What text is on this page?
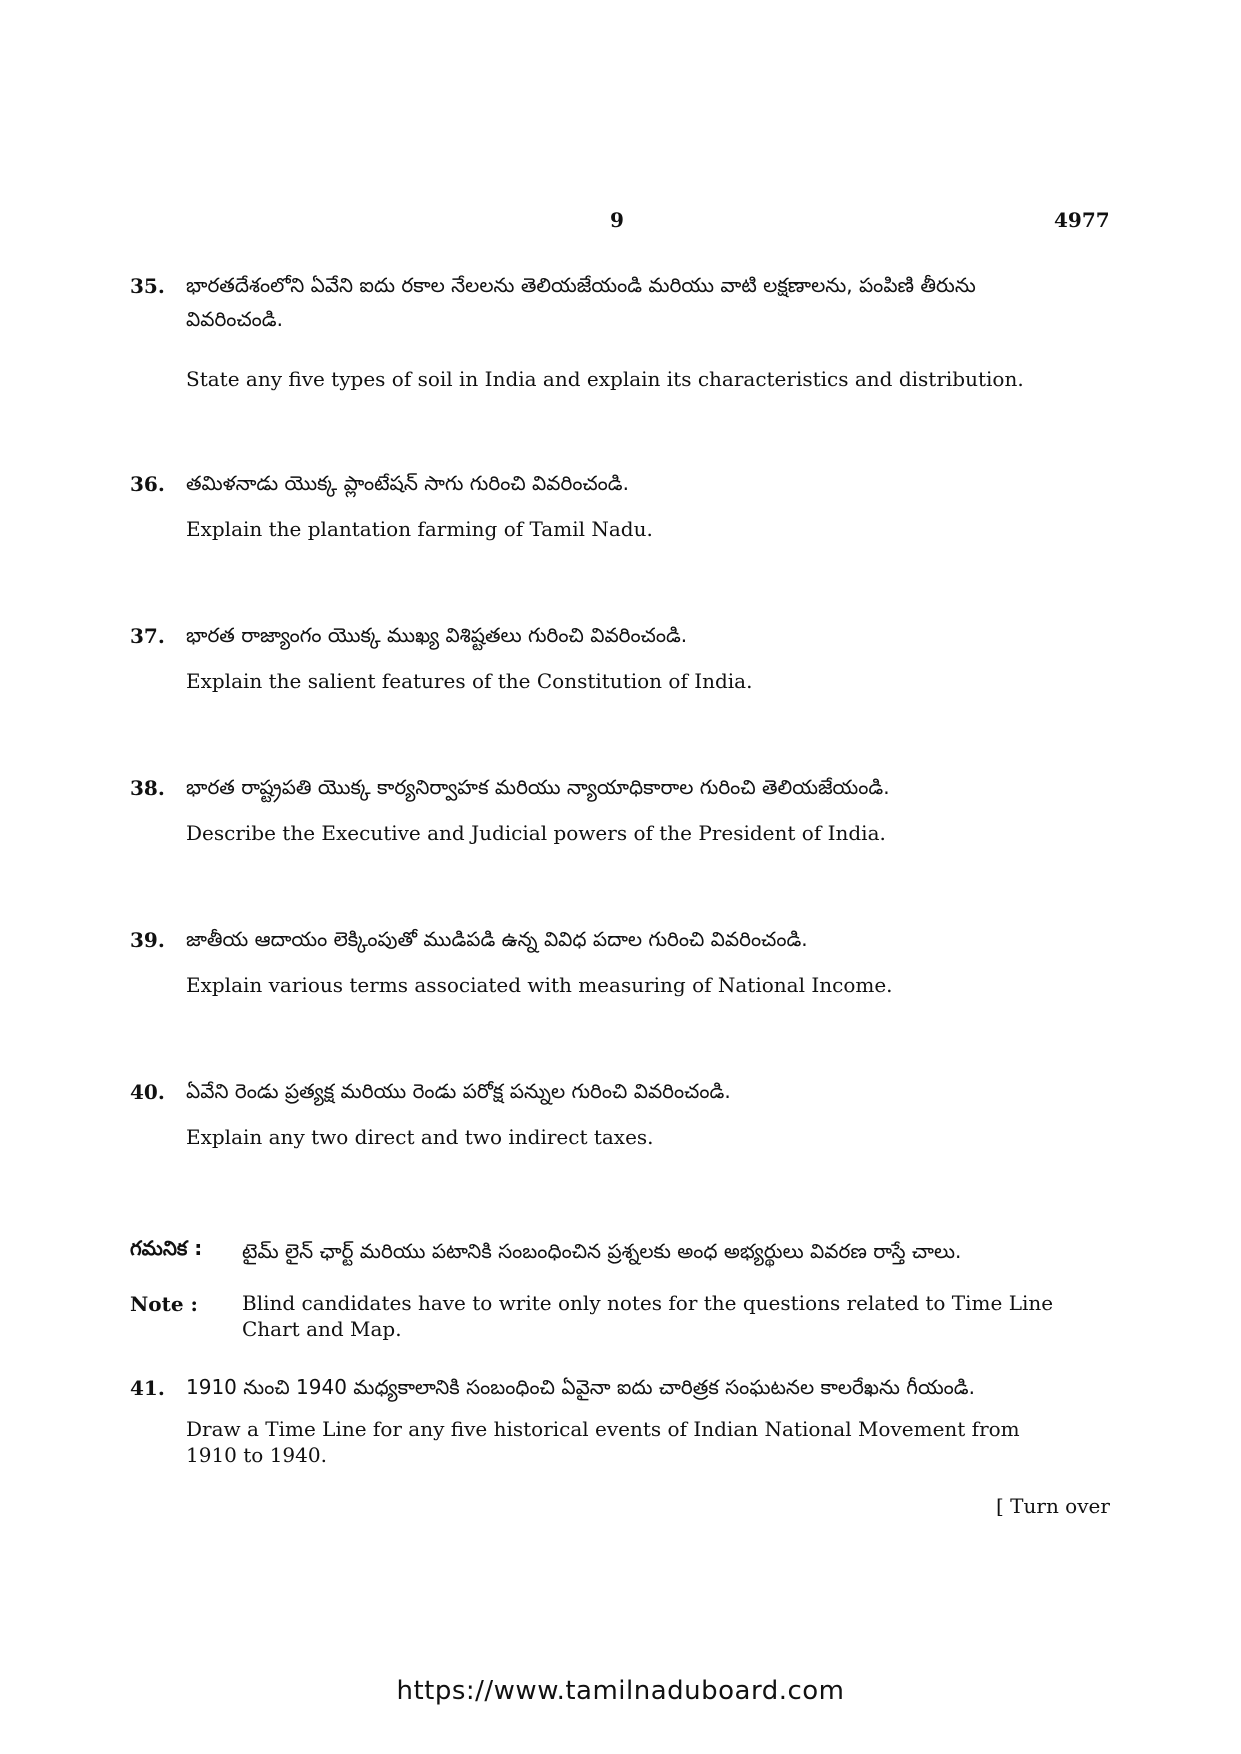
9	4977
35. భారతదేశంలోని ఏవేని ఐదు రకాల నేలలను తెలియజేయండి మరియు వాటి లక్షణాలను, పంపిణి తీరును వివరించండి.
State any five types of soil in India and explain its characteristics and distribution.
36. తమిళనాడు యొక్క ప్లాంటేషన్ సాగు గురించి వివరించండి.
Explain the plantation farming of Tamil Nadu.
37. భారత రాజ్యాంగం యొక్క ముఖ్య విశిష్టతలు గురించి వివరించండి.
Explain the salient features of the Constitution of India.
38. భారత రాష్ట్రపతి యొక్క కార్యనిర్వాహక మరియు న్యాయాధికారాల గురించి తెలియజేయండి.
Describe the Executive and Judicial powers of the President of India.
39. జాతీయ ఆదాయం లెక్కింపుతో ముడిపడి ఉన్న వివిధ పదాల గురించి వివరించండి.
Explain various terms associated with measuring of National Income.
40. ఏవేని రెండు ప్రత్యక్ష మరియు రెండు పరోక్ష పన్నుల గురించి వివరించండి.
Explain any two direct and two indirect taxes.
గమనిక : టైమ్ లైన్ ఛార్ట్ మరియు పటానికి సంబంధించిన ప్రశ్నలకు అంధ అభ్యర్థులు వివరణ రాస్తే చాలు.
Note : Blind candidates have to write only notes for the questions related to Time Line Chart and Map.
41. 1910 నుంచి 1940 మధ్యకాలానికి సంబంధించి ఏవైనా ఐదు చారిత్రక సంఘటనల కాలరేఖను గీయండి.
Draw a Time Line for any five historical events of Indian National Movement from 1910 to 1940.
[ Turn over
https://www.tamilnaduboard.com
